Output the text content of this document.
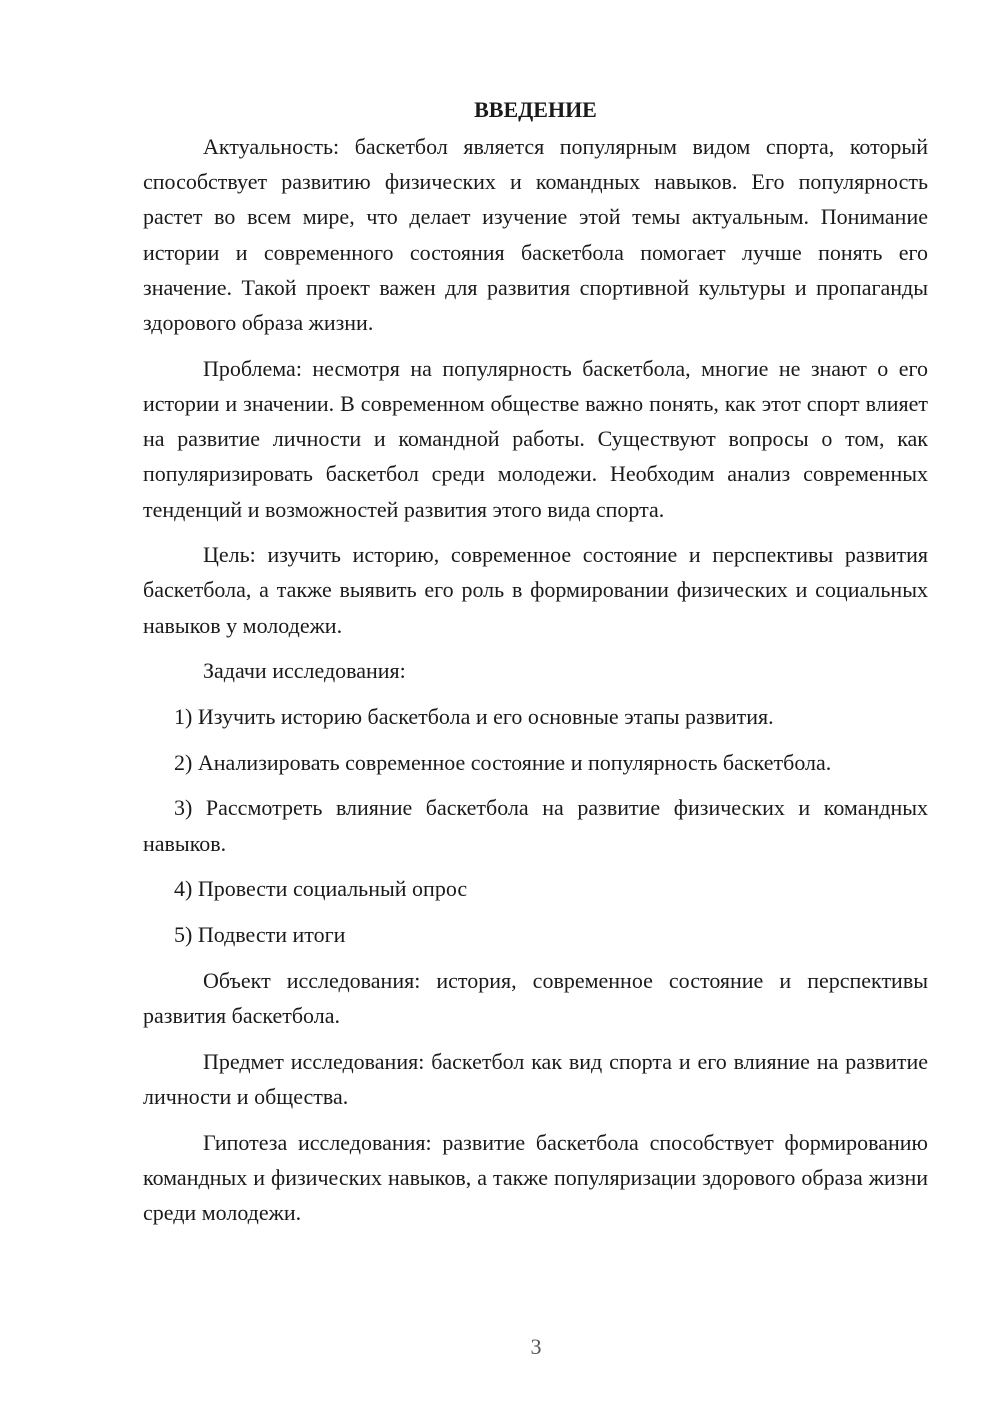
ВВЕДЕНИЕ

Актуальность: баскетбол является популярным видом спорта, который способствует развитию физических и командных навыков. Его популярность растет во всем мире, что делает изучение этой темы актуальным. Понимание истории и современного состояния баскетбола помогает лучше понять его значение. Такой проект важен для развития спортивной культуры и пропаганды здорового образа жизни.

Проблема: несмотря на популярность баскетбола, многие не знают о его истории и значении. В современном обществе важно понять, как этот спорт влияет на развитие личности и командной работы. Существуют вопросы о том, как популяризировать баскетбол среди молодежи. Необходим анализ современных тенденций и возможностей развития этого вида спорта.

Цель: изучить историю, современное состояние и перспективы развития баскетбола, а также выявить его роль в формировании физических и социальных навыков у молодежи.

Задачи исследования:

1) Изучить историю баскетбола и его основные этапы развития.

2) Анализировать современное состояние и популярность баскетбола.

3) Рассмотреть влияние баскетбола на развитие физических и командных навыков.

4) Провести социальный опрос

5) Подвести итоги

Объект исследования: история, современное состояние и перспективы развития баскетбола.

Предмет исследования: баскетбол как вид спорта и его влияние на развитие личности и общества.

Гипотеза исследования: развитие баскетбола способствует формированию командных и физических навыков, а также популяризации здорового образа жизни среди молодежи.

3
